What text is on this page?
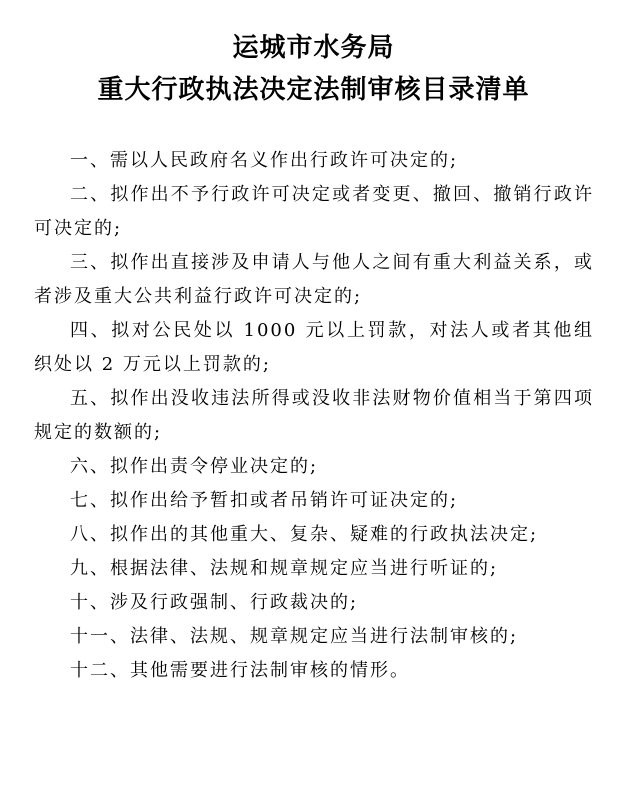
运城市水务局
重大行政执法决定法制审核目录清单

一、需以人民政府名义作出行政许可决定的;

二、拟作出不予行政许可决定或者变更、撤回、撤销行政许可决定的;

三、拟作出直接涉及申请人与他人之间有重大利益关系，或者涉及重大公共利益行政许可决定的;

四、拟对公民处以 1000 元以上罚款，对法人或者其他组织处以 2 万元以上罚款的;

五、拟作出没收违法所得或没收非法财物价值相当于第四项规定的数额的;

六、拟作出责令停业决定的;

七、拟作出给予暂扣或者吊销许可证决定的;

八、拟作出的其他重大、复杂、疑难的行政执法决定;

九、根据法律、法规和规章规定应当进行听证的;

十、涉及行政强制、行政裁决的;

十一、法律、法规、规章规定应当进行法制审核的;

十二、其他需要进行法制审核的情形。
